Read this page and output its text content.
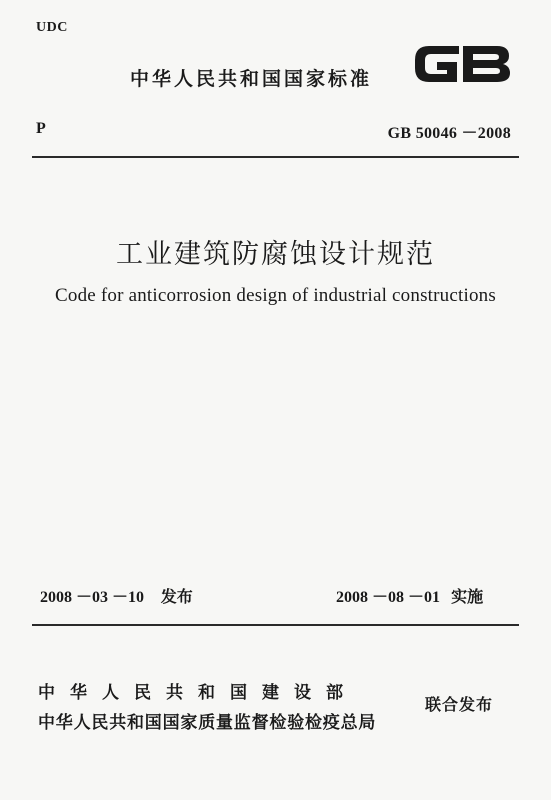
UDC
中华人民共和国国家标准
P	GB 50046 －2008
工业建筑防腐蚀设计规范
Code for anticorrosion design of industrial constructions
2008 －03 －10 发布	2008 －08 －01 实施
中华人民共和国建设部
中华人民共和国国家质量监督检验检疫总局
联合发布
